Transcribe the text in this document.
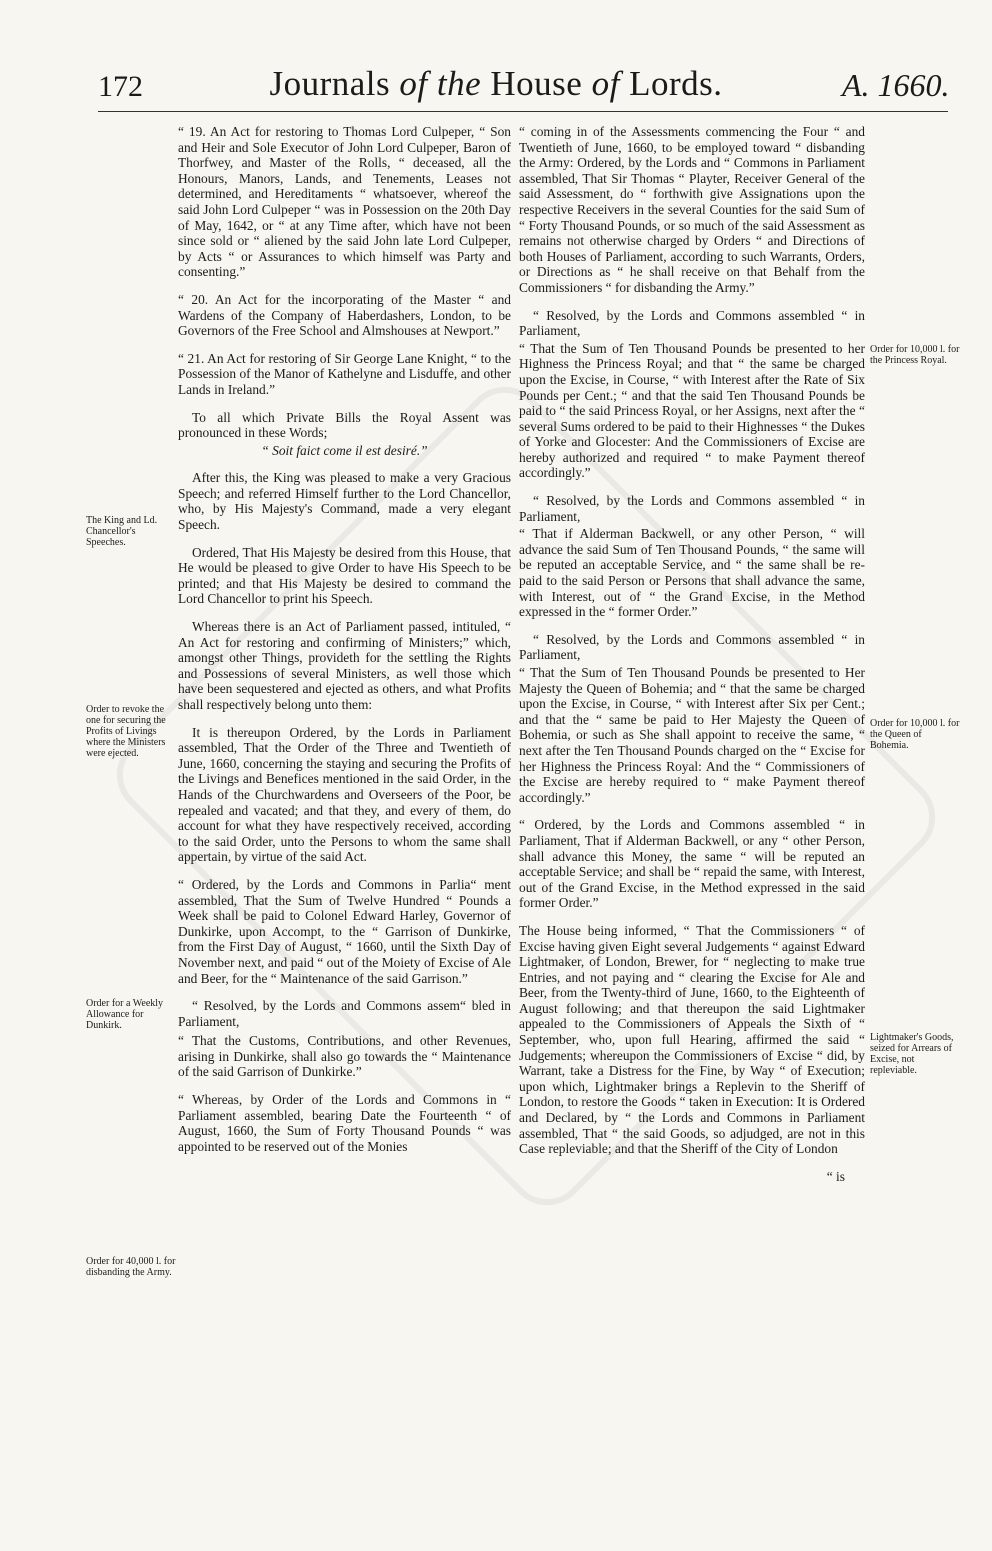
172	Journals of the House of Lords.	A. 1660.
The King and Ld. Chancellor's Speeches.
Order to revoke the one for securing the Profits of Livings where the Ministers were ejected.
Order for a Weekly Allowance for Dunkirk.
Order for 40,000 l. for disbanding the Army.
Order for 10,000 l. for the Princess Royal.
Order for 10,000 l. for the Queen of Bohemia.
Lightmaker's Goods, seized for Arrears of Excise, not repleviable.

“ 19. An Act for restoring to Thomas Lord Culpeper, “ Son and Heir and Sole Executor of John Lord Culpeper, Baron of Thorfwey, and Master of the Rolls, “ deceased, all the Honours, Manors, Lands, and Tenements, Leases not determined, and Hereditaments “ whatsoever, whereof the said John Lord Culpeper “ was in Possession on the 20th Day of May, 1642, or “ at any Time after, which have not been since sold or “ aliened by the said John late Lord Culpeper, by Acts “ or Assurances to which himself was Party and consenting.”

“ 20. An Act for the incorporating of the Master “ and Wardens of the Company of Haberdashers, London, to be Governors of the Free School and Almshouses at Newport.”

“ 21. An Act for restoring of Sir George Lane Knight, “ to the Possession of the Manor of Kathelyne and Lisduffe, and other Lands in Ireland.”

To all which Private Bills the Royal Assent was pronounced in these Words;

“ Soit faict come il est desiré.”

After this, the King was pleased to make a very Gracious Speech; and referred Himself further to the Lord Chancellor, who, by His Majesty's Command, made a very elegant Speech.

Ordered, That His Majesty be desired from this House, that He would be pleased to give Order to have His Speech to be printed; and that His Majesty be desired to command the Lord Chancellor to print his Speech.

Whereas there is an Act of Parliament passed, intituled, “ An Act for restoring and confirming of Ministers;” which, amongst other Things, provideth for the settling the Rights and Possessions of several Ministers, as well those which have been sequestered and ejected as others, and what Profits shall respectively belong unto them:

It is thereupon Ordered, by the Lords in Parliament assembled, That the Order of the Three and Twentieth of June, 1660, concerning the staying and securing the Profits of the Livings and Benefices mentioned in the said Order, in the Hands of the Churchwardens and Overseers of the Poor, be repealed and vacated; and that they, and every of them, do account for what they have respectively received, according to the said Order, unto the Persons to whom the same shall appertain, by virtue of the said Act.

“ Ordered, by the Lords and Commons in Parlia“ ment assembled, That the Sum of Twelve Hundred “ Pounds a Week shall be paid to Colonel Edward Harley, Governor of Dunkirke, upon Accompt, to the “ Garrison of Dunkirke, from the First Day of August, “ 1660, until the Sixth Day of November next, and paid “ out of the Moiety of Excise of Ale and Beer, for the “ Maintenance of the said Garrison.”

“ Resolved, by the Lords and Commons assem“ bled in Parliament,

“ That the Customs, Contributions, and other Revenues, arising in Dunkirke, shall also go towards the “ Maintenance of the said Garrison of Dunkirke.”

“ Whereas, by Order of the Lords and Commons in “ Parliament assembled, bearing Date the Fourteenth “ of August, 1660, the Sum of Forty Thousand Pounds “ was appointed to be reserved out of the Monies

“ coming in of the Assessments commencing the Four “ and Twentieth of June, 1660, to be employed toward “ disbanding the Army: Ordered, by the Lords and “ Commons in Parliament assembled, That Sir Thomas “ Playter, Receiver General of the said Assessment, do “ forthwith give Assignations upon the respective Receivers in the several Counties for the said Sum of “ Forty Thousand Pounds, or so much of the said Assessment as remains not otherwise charged by Orders “ and Directions of both Houses of Parliament, according to such Warrants, Orders, or Directions as “ he shall receive on that Behalf from the Commissioners “ for disbanding the Army.”

“ Resolved, by the Lords and Commons assembled “ in Parliament,

“ That the Sum of Ten Thousand Pounds be presented to her Highness the Princess Royal; and that “ the same be charged upon the Excise, in Course, “ with Interest after the Rate of Six Pounds per Cent.; “ and that the said Ten Thousand Pounds be paid to “ the said Princess Royal, or her Assigns, next after the “ several Sums ordered to be paid to their Highnesses “ the Dukes of Yorke and Glocester: And the Commissioners of Excise are hereby authorized and required “ to make Payment thereof accordingly.”

“ Resolved, by the Lords and Commons assembled “ in Parliament,

“ That if Alderman Backwell, or any other Person, “ will advance the said Sum of Ten Thousand Pounds, “ the same will be reputed an acceptable Service, and “ the same shall be re-paid to the said Person or Persons that shall advance the same, with Interest, out of “ the Grand Excise, in the Method expressed in the “ former Order.”

“ Resolved, by the Lords and Commons assembled “ in Parliament,

“ That the Sum of Ten Thousand Pounds be presented to Her Majesty the Queen of Bohemia; and “ that the same be charged upon the Excise, in Course, “ with Interest after Six per Cent.; and that the “ same be paid to Her Majesty the Queen of Bohemia, or such as She shall appoint to receive the same, “ next after the Ten Thousand Pounds charged on the “ Excise for her Highness the Princess Royal: And the “ Commissioners of the Excise are hereby required to “ make Payment thereof accordingly.”

“ Ordered, by the Lords and Commons assembled “ in Parliament, That if Alderman Backwell, or any “ other Person, shall advance this Money, the same “ will be reputed an acceptable Service; and shall be “ repaid the same, with Interest, out of the Grand Excise, in the Method expressed in the said former Order.”

The House being informed, “ That the Commissioners “ of Excise having given Eight several Judgements “ against Edward Lightmaker, of London, Brewer, for “ neglecting to make true Entries, and not paying and “ clearing the Excise for Ale and Beer, from the Twenty-third of June, 1660, to the Eighteenth of August following; and that thereupon the said Lightmaker appealed to the Commissioners of Appeals the Sixth of “ September, who, upon full Hearing, affirmed the said “ Judgements; whereupon the Commissioners of Excise “ did, by Warrant, take a Distress for the Fine, by Way “ of Execution; upon which, Lightmaker brings a Replevin to the Sheriff of London, to restore the Goods “ taken in Execution: It is Ordered and Declared, by “ the Lords and Commons in Parliament assembled, That “ the said Goods, so adjudged, are not in this Case repleviable; and that the Sheriff of the City of London

“ is
